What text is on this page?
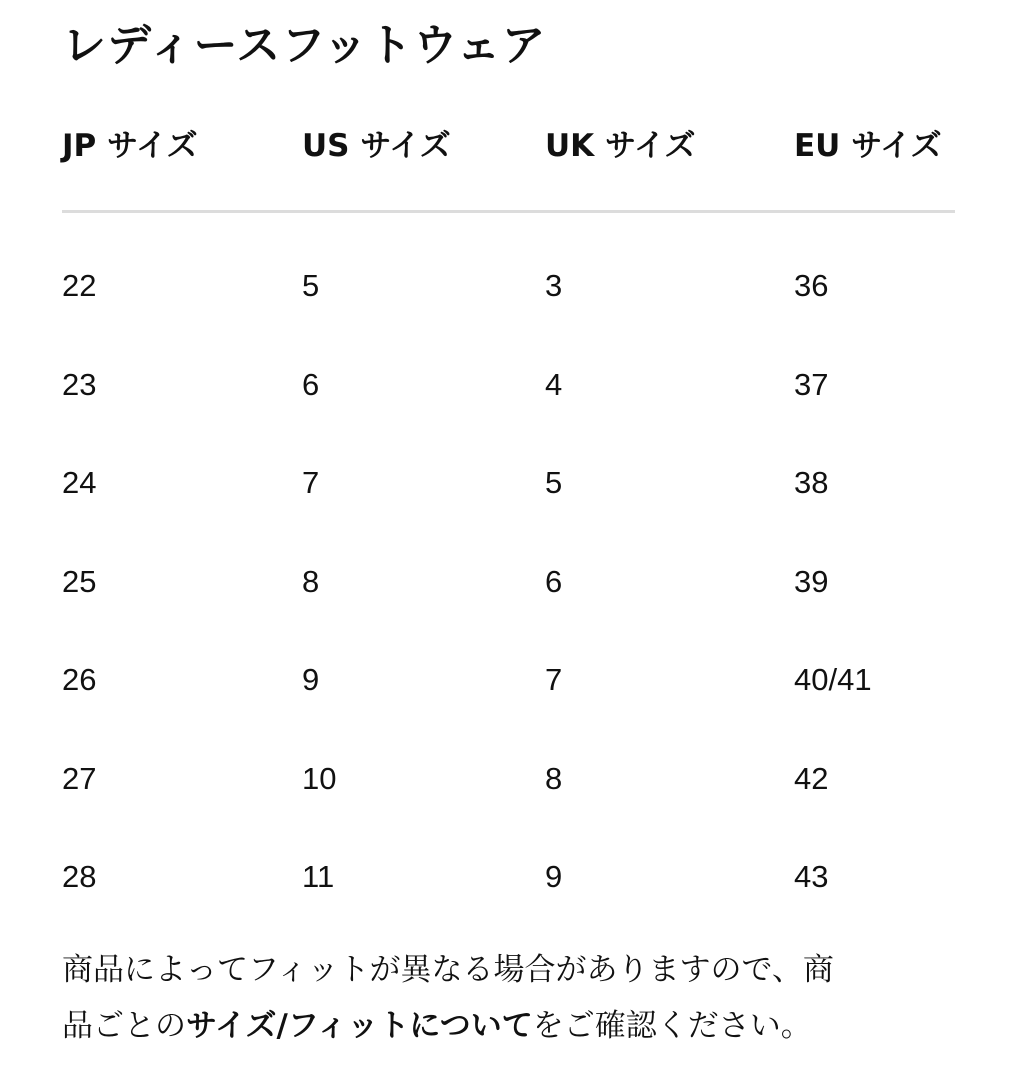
レディースフットウェア
JP サイズ	US サイズ	UK サイズ	EU サイズ
22	5	3	36
23	6	4	37
24	7	5	38
25	8	6	39
26	9	7	40/41
27	10	8	42
28	11	9	43
商品によってフィットが異なる場合がありますので、商
品ごとのサイズ/フィットについてをご確認ください。
